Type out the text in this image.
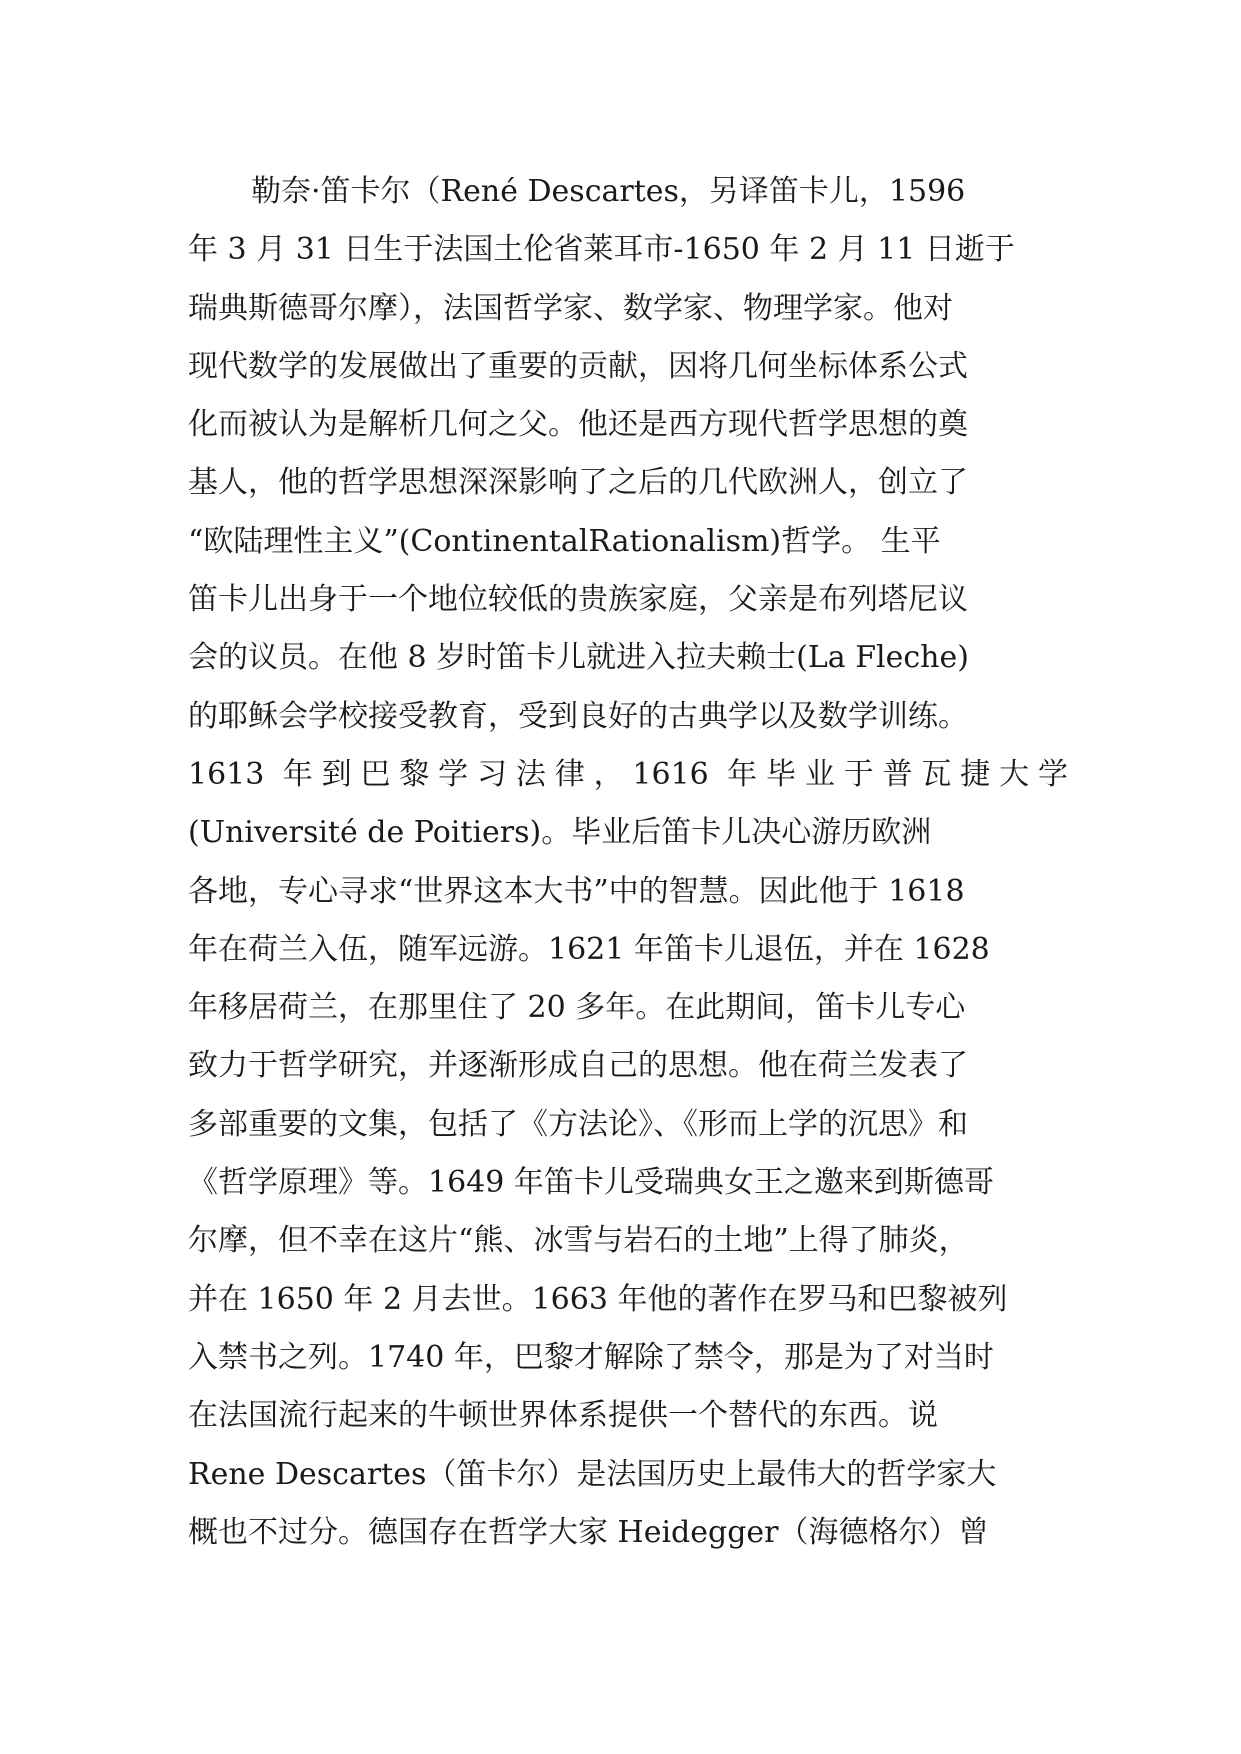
勒奈·笛卡尔（René Descartes，另译笛卡儿，1596
年 3 月 31 日生于法国土伦省莱耳市-1650 年 2 月 11 日逝于
瑞典斯德哥尔摩），法国哲学家、数学家、物理学家。他对
现代数学的发展做出了重要的贡献，因将几何坐标体系公式
化而被认为是解析几何之父。他还是西方现代哲学思想的奠
基人，他的哲学思想深深影响了之后的几代欧洲人，创立了
“欧陆理性主义”(ContinentalRationalism)哲学。 生平
笛卡儿出身于一个地位较低的贵族家庭，父亲是布列塔尼议
会的议员。在他 8 岁时笛卡儿就进入拉夫赖士(La Fleche)
的耶稣会学校接受教育，受到良好的古典学以及数学训练。
1613 年到巴黎学习法律，1616 年毕业于普瓦捷大学
(Université de Poitiers)。毕业后笛卡儿决心游历欧洲
各地，专心寻求“世界这本大书”中的智慧。因此他于 1618
年在荷兰入伍，随军远游。1621 年笛卡儿退伍，并在 1628
年移居荷兰，在那里住了 20 多年。在此期间，笛卡儿专心
致力于哲学研究，并逐渐形成自己的思想。他在荷兰发表了
多部重要的文集，包括了《方法论》、《形而上学的沉思》和
《哲学原理》等。1649 年笛卡儿受瑞典女王之邀来到斯德哥
尔摩，但不幸在这片“熊、冰雪与岩石的土地”上得了肺炎，
并在 1650 年 2 月去世。1663 年他的著作在罗马和巴黎被列
入禁书之列。1740 年，巴黎才解除了禁令，那是为了对当时
在法国流行起来的牛顿世界体系提供一个替代的东西。说
Rene Descartes（笛卡尔）是法国历史上最伟大的哲学家大
概也不过分。德国存在哲学大家 Heidegger（海德格尔）曾
